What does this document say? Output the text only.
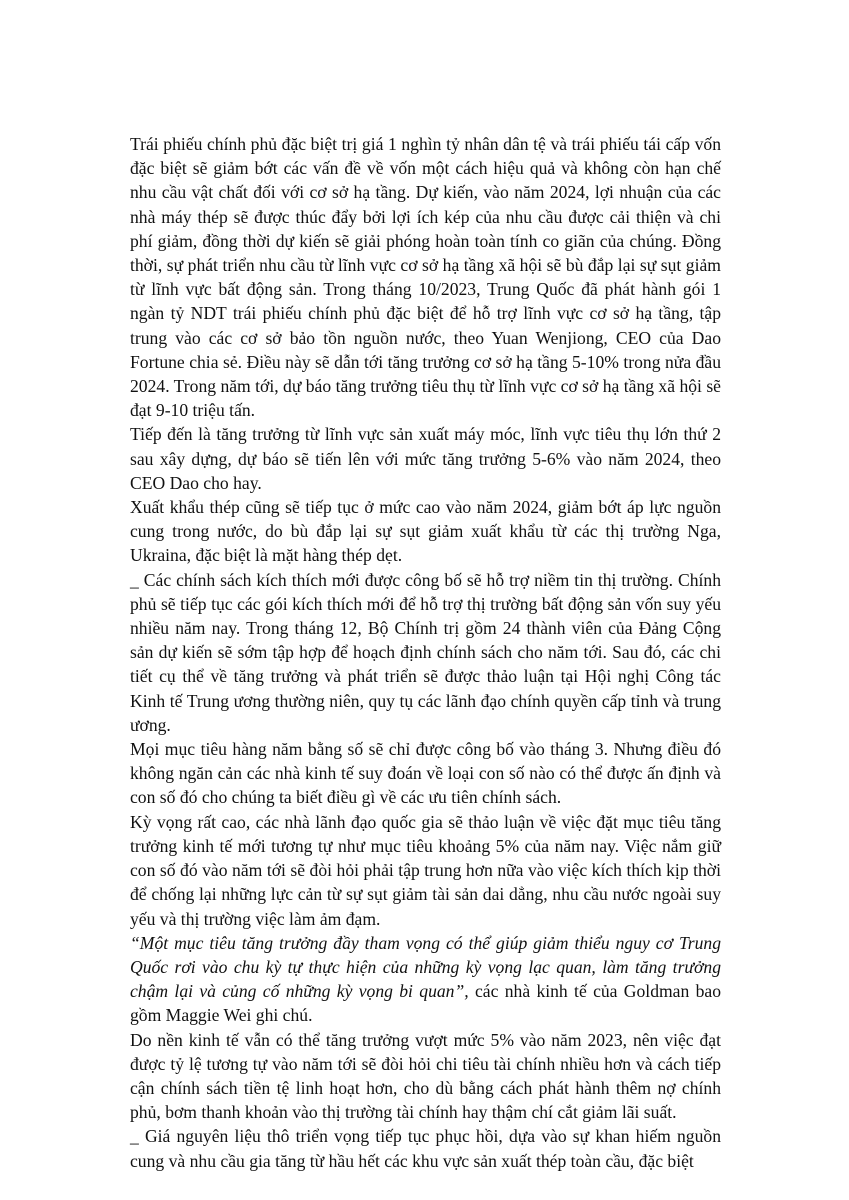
Trái phiếu chính phủ đặc biệt trị giá 1 nghìn tỷ nhân dân tệ và trái phiếu tái cấp vốn đặc biệt sẽ giảm bớt các vấn đề về vốn một cách hiệu quả và không còn hạn chế nhu cầu vật chất đối với cơ sở hạ tầng. Dự kiến, vào năm 2024, lợi nhuận của các nhà máy thép sẽ được thúc đẩy bởi lợi ích kép của nhu cầu được cải thiện và chi phí giảm, đồng thời dự kiến sẽ giải phóng hoàn toàn tính co giãn của chúng. Đồng thời, sự phát triển nhu cầu từ lĩnh vực cơ sở hạ tầng xã hội sẽ bù đắp lại sự sụt giảm từ lĩnh vực bất động sản. Trong tháng 10/2023, Trung Quốc đã phát hành gói 1 ngàn tỷ NDT trái phiếu chính phủ đặc biệt để hỗ trợ lĩnh vực cơ sở hạ tầng, tập trung vào các cơ sở bảo tồn nguồn nước, theo Yuan Wenjiong, CEO của Dao Fortune chia sẻ. Điều này sẽ dẫn tới tăng trưởng cơ sở hạ tầng 5-10% trong nửa đầu 2024. Trong năm tới, dự báo tăng trưởng tiêu thụ từ lĩnh vực cơ sở hạ tầng xã hội sẽ đạt 9-10 triệu tấn.

Tiếp đến là tăng trưởng từ lĩnh vực sản xuất máy móc, lĩnh vực tiêu thụ lớn thứ 2 sau xây dựng, dự báo sẽ tiến lên với mức tăng trưởng 5-6% vào năm 2024, theo CEO Dao cho hay.

Xuất khẩu thép cũng sẽ tiếp tục ở mức cao vào năm 2024, giảm bớt áp lực nguồn cung trong nước, do bù đắp lại sự sụt giảm xuất khẩu từ các thị trường Nga, Ukraina, đặc biệt là mặt hàng thép dẹt.

_ Các chính sách kích thích mới được công bố sẽ hỗ trợ niềm tin thị trường. Chính phủ sẽ tiếp tục các gói kích thích mới để hỗ trợ thị trường bất động sản vốn suy yếu nhiều năm nay. Trong tháng 12, Bộ Chính trị gồm 24 thành viên của Đảng Cộng sản dự kiến sẽ sớm tập hợp để hoạch định chính sách cho năm tới. Sau đó, các chi tiết cụ thể về tăng trưởng và phát triển sẽ được thảo luận tại Hội nghị Công tác Kinh tế Trung ương thường niên, quy tụ các lãnh đạo chính quyền cấp tỉnh và trung ương.

Mọi mục tiêu hàng năm bằng số sẽ chỉ được công bố vào tháng 3. Nhưng điều đó không ngăn cản các nhà kinh tế suy đoán về loại con số nào có thể được ấn định và con số đó cho chúng ta biết điều gì về các ưu tiên chính sách.

Kỳ vọng rất cao, các nhà lãnh đạo quốc gia sẽ thảo luận về việc đặt mục tiêu tăng trưởng kinh tế mới tương tự như mục tiêu khoảng 5% của năm nay. Việc nắm giữ con số đó vào năm tới sẽ đòi hỏi phải tập trung hơn nữa vào việc kích thích kịp thời để chống lại những lực cản từ sự sụt giảm tài sản dai dẳng, nhu cầu nước ngoài suy yếu và thị trường việc làm ảm đạm.

“Một mục tiêu tăng trưởng đầy tham vọng có thể giúp giảm thiểu nguy cơ Trung Quốc rơi vào chu kỳ tự thực hiện của những kỳ vọng lạc quan, làm tăng trưởng chậm lại và củng cố những kỳ vọng bi quan”, các nhà kinh tế của Goldman bao gồm Maggie Wei ghi chú.

Do nền kinh tế vẫn có thể tăng trưởng vượt mức 5% vào năm 2023, nên việc đạt được tỷ lệ tương tự vào năm tới sẽ đòi hỏi chi tiêu tài chính nhiều hơn và cách tiếp cận chính sách tiền tệ linh hoạt hơn, cho dù bằng cách phát hành thêm nợ chính phủ, bơm thanh khoản vào thị trường tài chính hay thậm chí cắt giảm lãi suất.

_ Giá nguyên liệu thô triển vọng tiếp tục phục hồi, dựa vào sự khan hiếm nguồn cung và nhu cầu gia tăng từ hầu hết các khu vực sản xuất thép toàn cầu, đặc biệt
